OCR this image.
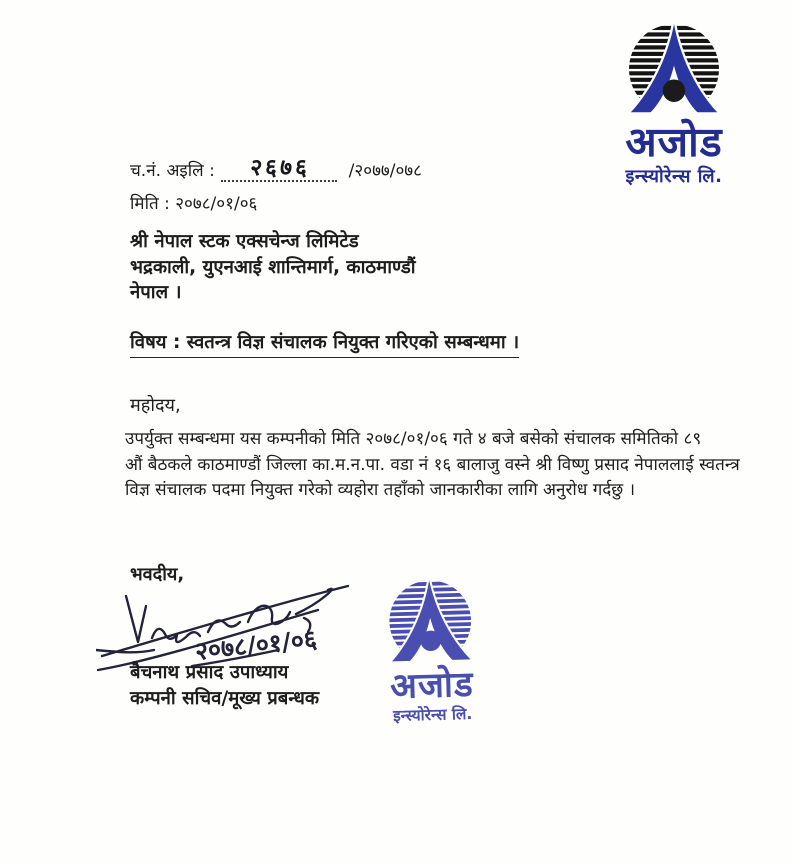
अजोड
इन्स्योरेन्स लि.
च.नं. अइलि : २६७६ /२०७७/०७८
मिति : २०७८/०१/०६
श्री नेपाल स्टक एक्सचेन्ज लिमिटेड
भद्रकाली, युएनआई शान्तिमार्ग, काठमाण्डौं
नेपाल ।
विषय : स्वतन्त्र विज्ञ संचालक नियुक्त गरिएको सम्बन्धमा ।
महोदय,
उपर्युक्त सम्बन्धमा यस कम्पनीको मिति २०७८/०१/०६ गते ४ बजे बसेको संचालक समितिको ८९
औं बैठकले काठमाण्डौं जिल्ला का.म.न.पा. वडा नं १६ बालाजु वस्ने श्री विष्णु प्रसाद नेपाललाई स्वतन्त्र
विज्ञ संचालक पदमा नियुक्त गरेको व्यहोरा तहाँको जानकारीका लागि अनुरोध गर्दछु ।
भवदीय,
२०७८/०१/०६
बैचनाथ प्रसाद उपाध्याय
कम्पनी सचिव/मूख्य प्रबन्धक	अजोड
इन्स्योरेन्स लि.
